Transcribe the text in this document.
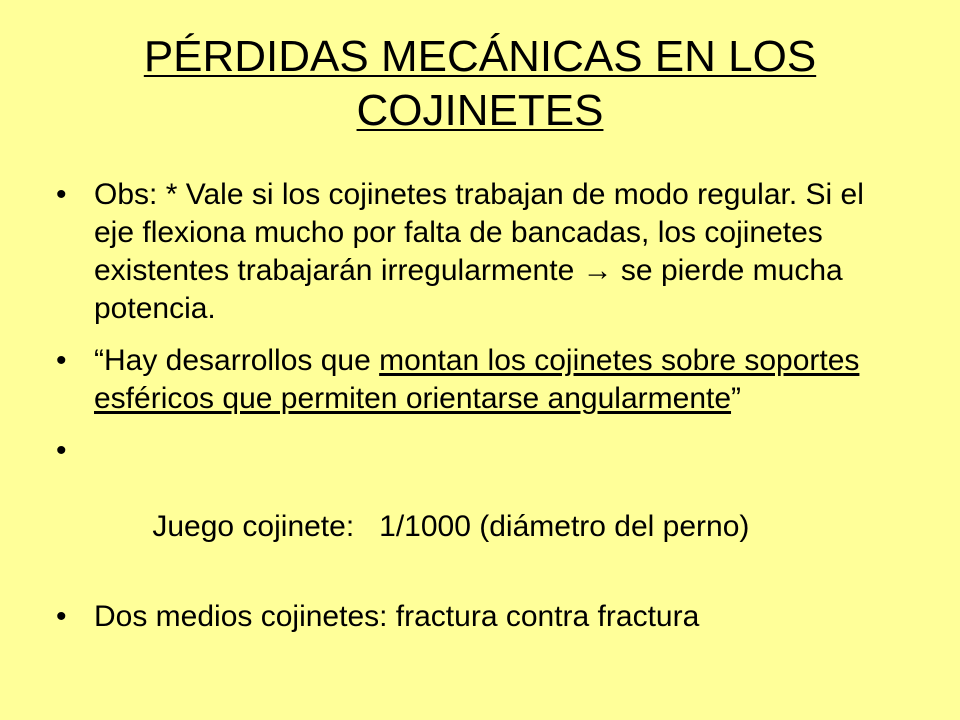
PÉRDIDAS MECÁNICAS EN LOS COJINETES
• Obs: * Vale si los cojinetes trabajan de modo regular. Si el eje flexiona mucho por falta de bancadas, los cojinetes existentes trabajarán irregularmente → se pierde mucha potencia.
• “Hay desarrollos que montan los cojinetes sobre soportes esféricos que permiten orientarse angularmente”

•

Juego cojinete:   1/1000 (diámetro del perno)

• Dos medios cojinetes: fractura contra fractura
